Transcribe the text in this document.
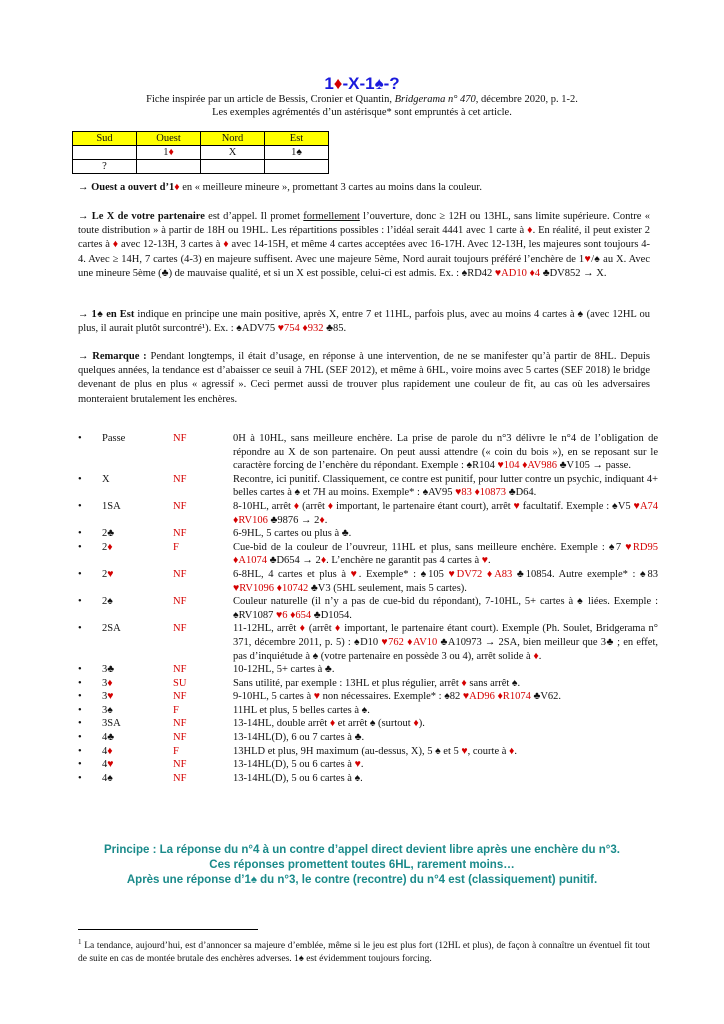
1♦-X-1♠-?
Fiche inspirée par un article de Bessis, Cronier et Quantin, Bridgerama n° 470, décembre 2020, p. 1-2.
Les exemples agrémentés d’un astérisque* sont empruntés à cet article.
Sud	Ouest	Nord	Est
	1♦	X	1♠
?			
→ Ouest a ouvert d’1♦ en « meilleure mineure », promettant 3 cartes au moins dans la couleur.
→ Le X de votre partenaire est d’appel. Il promet formellement l’ouverture, donc ≥ 12H ou 13HL, sans limite supérieure. Contre « toute distribution » à partir de 18H ou 19HL. Les répartitions possibles : l’idéal serait 4441 avec 1 carte à ♦. En réalité, il peut exister 2 cartes à ♦ avec 12-13H, 3 cartes à ♦ avec 14-15H, et même 4 cartes acceptées avec 16-17H. Avec 12-13H, les majeures sont toujours 4-4. Avec ≥ 14H, 7 cartes (4-3) en majeure suffisent. Avec une majeure 5ème, Nord aurait toujours préféré l’enchère de 1♥/♠ au X. Avec une mineure 5ème (♣) de mauvaise qualité, et si un X est possible, celui-ci est admis. Ex. : ♠RD42 ♥AD10 ♦4 ♣DV852 → X.
→ 1♠ en Est indique en principe une main positive, après X, entre 7 et 11HL, parfois plus, avec au moins 4 cartes à ♠ (avec 12HL ou plus, il aurait plutôt surcontré¹). Ex. : ♠ADV75 ♥754 ♦932 ♣85.
→ Remarque : Pendant longtemps, il était d’usage, en réponse à une intervention, de ne se manifester qu’à partir de 8HL. Depuis quelques années, la tendance est d’abaisser ce seuil à 7HL (SEF 2012), et même à 6HL, voire moins avec 5 cartes (SEF 2018) le bridge devenant de plus en plus « agressif ». Ceci permet aussi de trouver plus rapidement une couleur de fit, au cas où les adversaires monteraient brutalement les enchères.
•	Passe	NF	0H à 10HL, sans meilleure enchère. La prise de parole du n°3 délivre le n°4 de l’obligation de répondre au X de son partenaire. On peut aussi attendre (« coin du bois »), en se reposant sur le caractère forcing de l’enchère du répondant. Exemple : ♠R104 ♥104 ♦AV986 ♣V105 → passe.
•	X	NF	Recontre, ici punitif. Classiquement, ce contre est punitif, pour lutter contre un psychic, indiquant 4+ belles cartes à ♠ et 7H au moins. Exemple* : ♠AV95 ♥83 ♦10873 ♣D64.
•	1SA	NF	8-10HL, arrêt ♦ (arrêt ♦ important, le partenaire étant court), arrêt ♥ facultatif. Exemple : ♠V5 ♥A74 ♦RV106 ♣9876 → 2♦.
•	2♣	NF	6-9HL, 5 cartes ou plus à ♣.
•	2♦	F	Cue-bid de la couleur de l’ouvreur, 11HL et plus, sans meilleure enchère. Exemple : ♠7 ♥RD95 ♦A1074 ♣D654 → 2♦. L’enchère ne garantit pas 4 cartes à ♥.
•	2♥	NF	6-8HL, 4 cartes et plus à ♥. Exemple* : ♠105 ♥DV72 ♦A83 ♣10854. Autre exemple* : ♠83 ♥RV1096 ♦10742 ♣V3 (5HL seulement, mais 5 cartes).
•	2♠	NF	Couleur naturelle (il n’y a pas de cue-bid du répondant), 7-10HL, 5+ cartes à ♠ liées. Exemple : ♠RV1087 ♥6 ♦654 ♣D1054.
•	2SA	NF	11-12HL, arrêt ♦ (arrêt ♦ important, le partenaire étant court). Exemple (Ph. Soulet, Bridgerama n° 371, décembre 2011, p. 5) : ♠D10 ♥762 ♦AV10 ♣A10973 → 2SA, bien meilleur que 3♣ ; en effet, pas d’inquiétude à ♠ (votre partenaire en possède 3 ou 4), arrêt solide à ♦.
•	3♣	NF	10-12HL, 5+ cartes à ♣.
•	3♦	SU	Sans utilité, par exemple : 13HL et plus régulier, arrêt ♦ sans arrêt ♠.
•	3♥	NF	9-10HL, 5 cartes à ♥ non nécessaires. Exemple* : ♠82 ♥AD96 ♦R1074 ♣V62.
•	3♠	F	11HL et plus, 5 belles cartes à ♠.
•	3SA	NF	13-14HL, double arrêt ♦ et arrêt ♠ (surtout ♦).
•	4♣	NF	13-14HL(D), 6 ou 7 cartes à ♣.
•	4♦	F	13HLD et plus, 9H maximum (au-dessus, X), 5 ♠ et 5 ♥, courte à ♦.
•	4♥	NF	13-14HL(D), 5 ou 6 cartes à ♥.
•	4♠	NF	13-14HL(D), 5 ou 6 cartes à ♠.
Principe : La réponse du n°4 à un contre d’appel direct devient libre après une enchère du n°3.
Ces réponses promettent toutes 6HL, rarement moins…
Après une réponse d’1♠ du n°3, le contre (recontre) du n°4 est (classiquement) punitif.
$^1$ La tendance, aujourd’hui, est d’annoncer sa majeure d’emblée, même si le jeu est plus fort (12HL et plus), de façon à connaître un éventuel fit tout de suite en cas de montée brutale des enchères adverses. 1♠ est évidemment toujours forcing.
